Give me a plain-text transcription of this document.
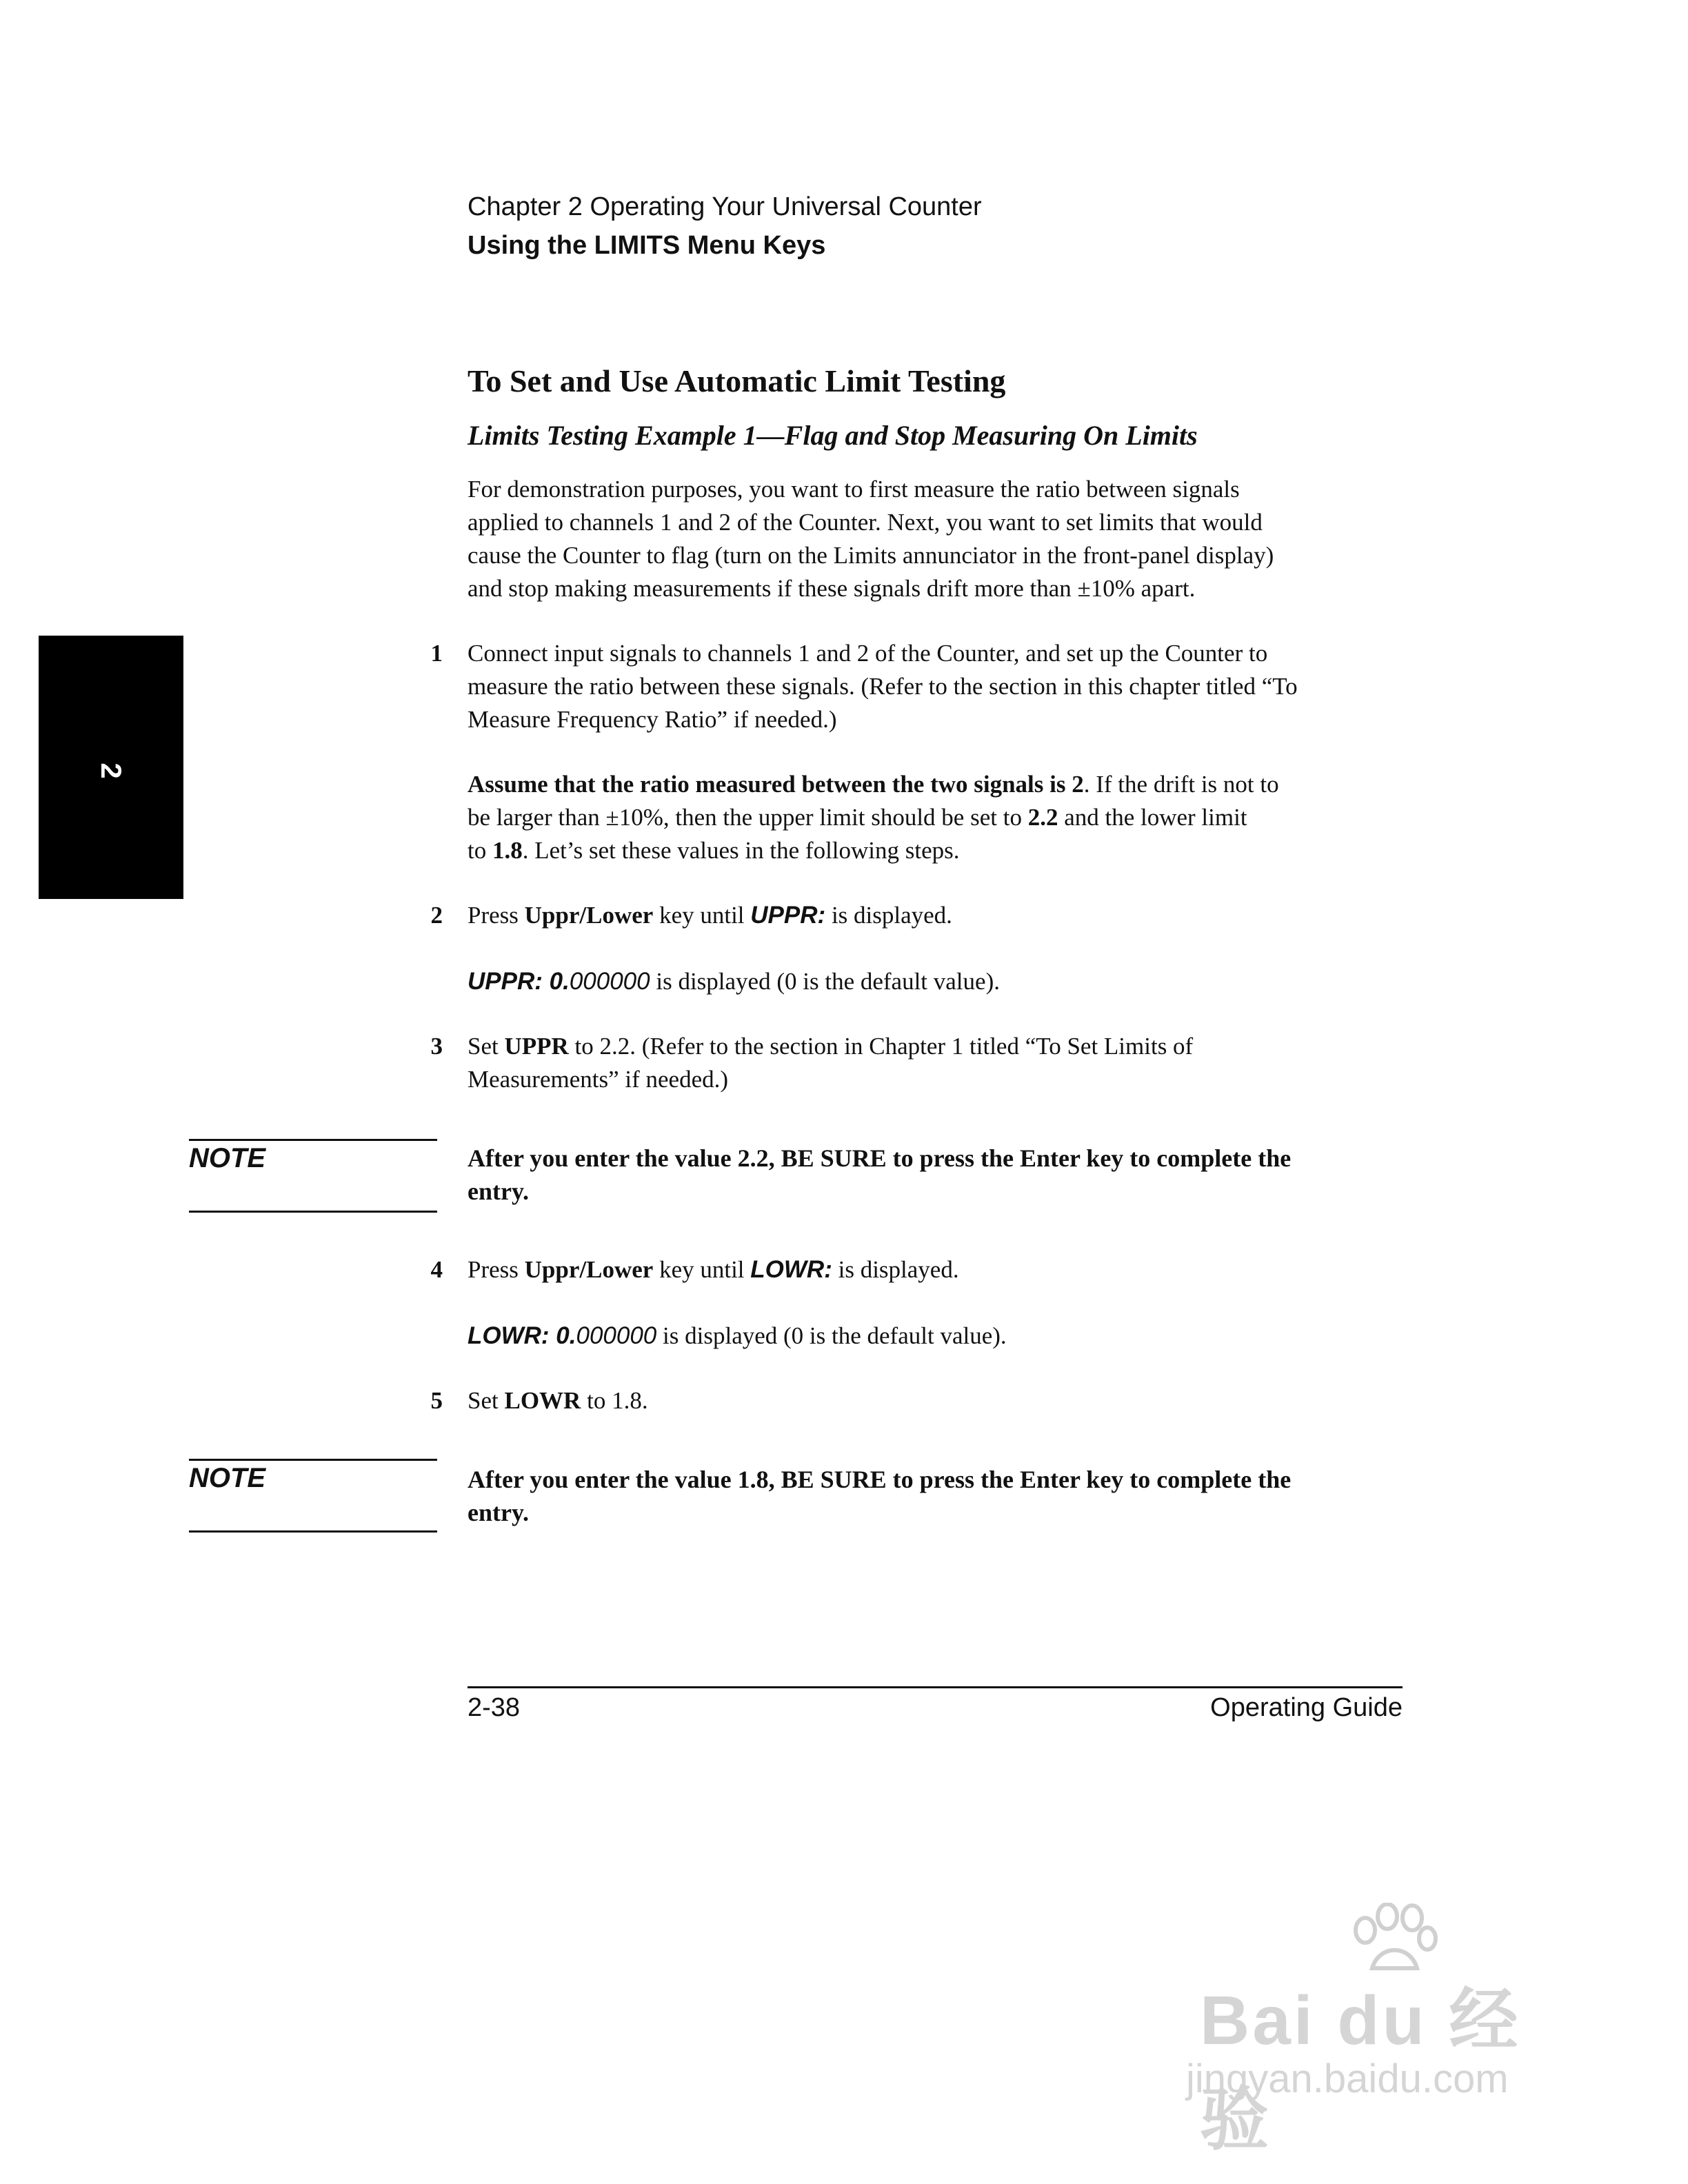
Chapter 2 Operating Your Universal Counter
Using the LIMITS Menu Keys
2
To Set and Use Automatic Limit Testing
Limits Testing Example 1—Flag and Stop Measuring On Limits
For demonstration purposes, you want to first measure the ratio between signals
applied to channels 1 and 2 of the Counter. Next, you want to set limits that would
cause the Counter to flag (turn on the Limits annunciator in the front-panel display)
and stop making measurements if these signals drift more than ±10% apart.
1 Connect input signals to channels 1 and 2 of the Counter, and set up the Counter to
measure the ratio between these signals. (Refer to the section in this chapter titled “To
Measure Frequency Ratio” if needed.)
Assume that the ratio measured between the two signals is 2. If the drift is not to
be larger than ±10%, then the upper limit should be set to 2.2 and the lower limit
to 1.8. Let’s set these values in the following steps.
2 Press Uppr/Lower key until UPPR: is displayed.
UPPR: 0.000000 is displayed (0 is the default value).
3 Set UPPR to 2.2. (Refer to the section in Chapter 1 titled “To Set Limits of
Measurements” if needed.)
NOTE	After you enter the value 2.2, BE SURE to press the Enter key to complete the
entry.
4 Press Uppr/Lower key until LOWR: is displayed.
LOWR: 0.000000 is displayed (0 is the default value).
5 Set LOWR to 1.8.
NOTE	After you enter the value 1.8, BE SURE to press the Enter key to complete the
entry.
2-38	Operating Guide
Bai du 经验
jingyan.baidu.com
